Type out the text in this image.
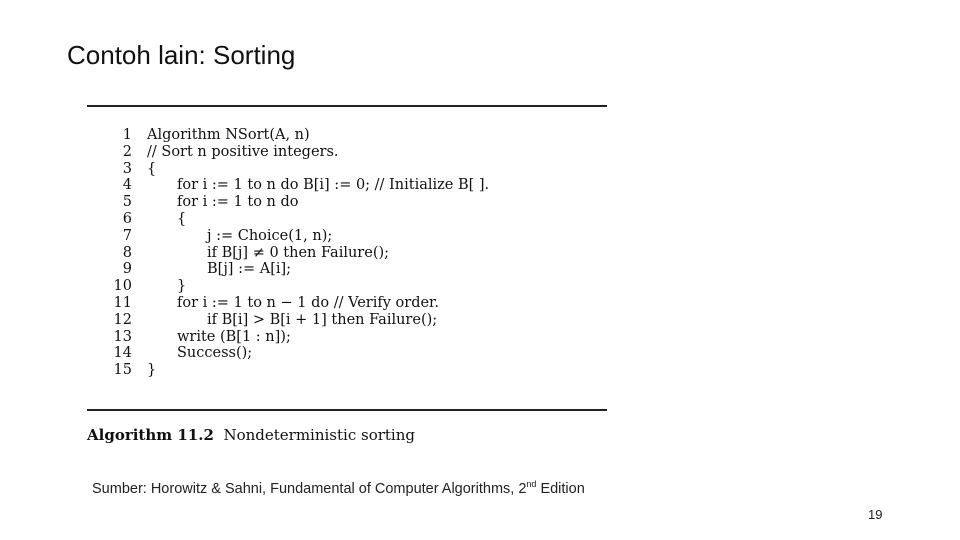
Contoh lain: Sorting
1 Algorithm NSort(A, n)
2 // Sort n positive integers.
3 {
4	for i := 1 to n do B[i] := 0; // Initialize B[ ].
5	for i := 1 to n do
6	{
7	j := Choice(1, n);
8	if B[j] ≠ 0 then Failure();
9	B[j] := A[i];
10	}
11	for i := 1 to n − 1 do // Verify order.
12	if B[i] > B[i + 1] then Failure();
13	write (B[1 : n]);
14	Success();
15 }
Algorithm 11.2 Nondeterministic sorting
Sumber: Horowitz & Sahni, Fundamental of Computer Algorithms, 2nd Edition
19
